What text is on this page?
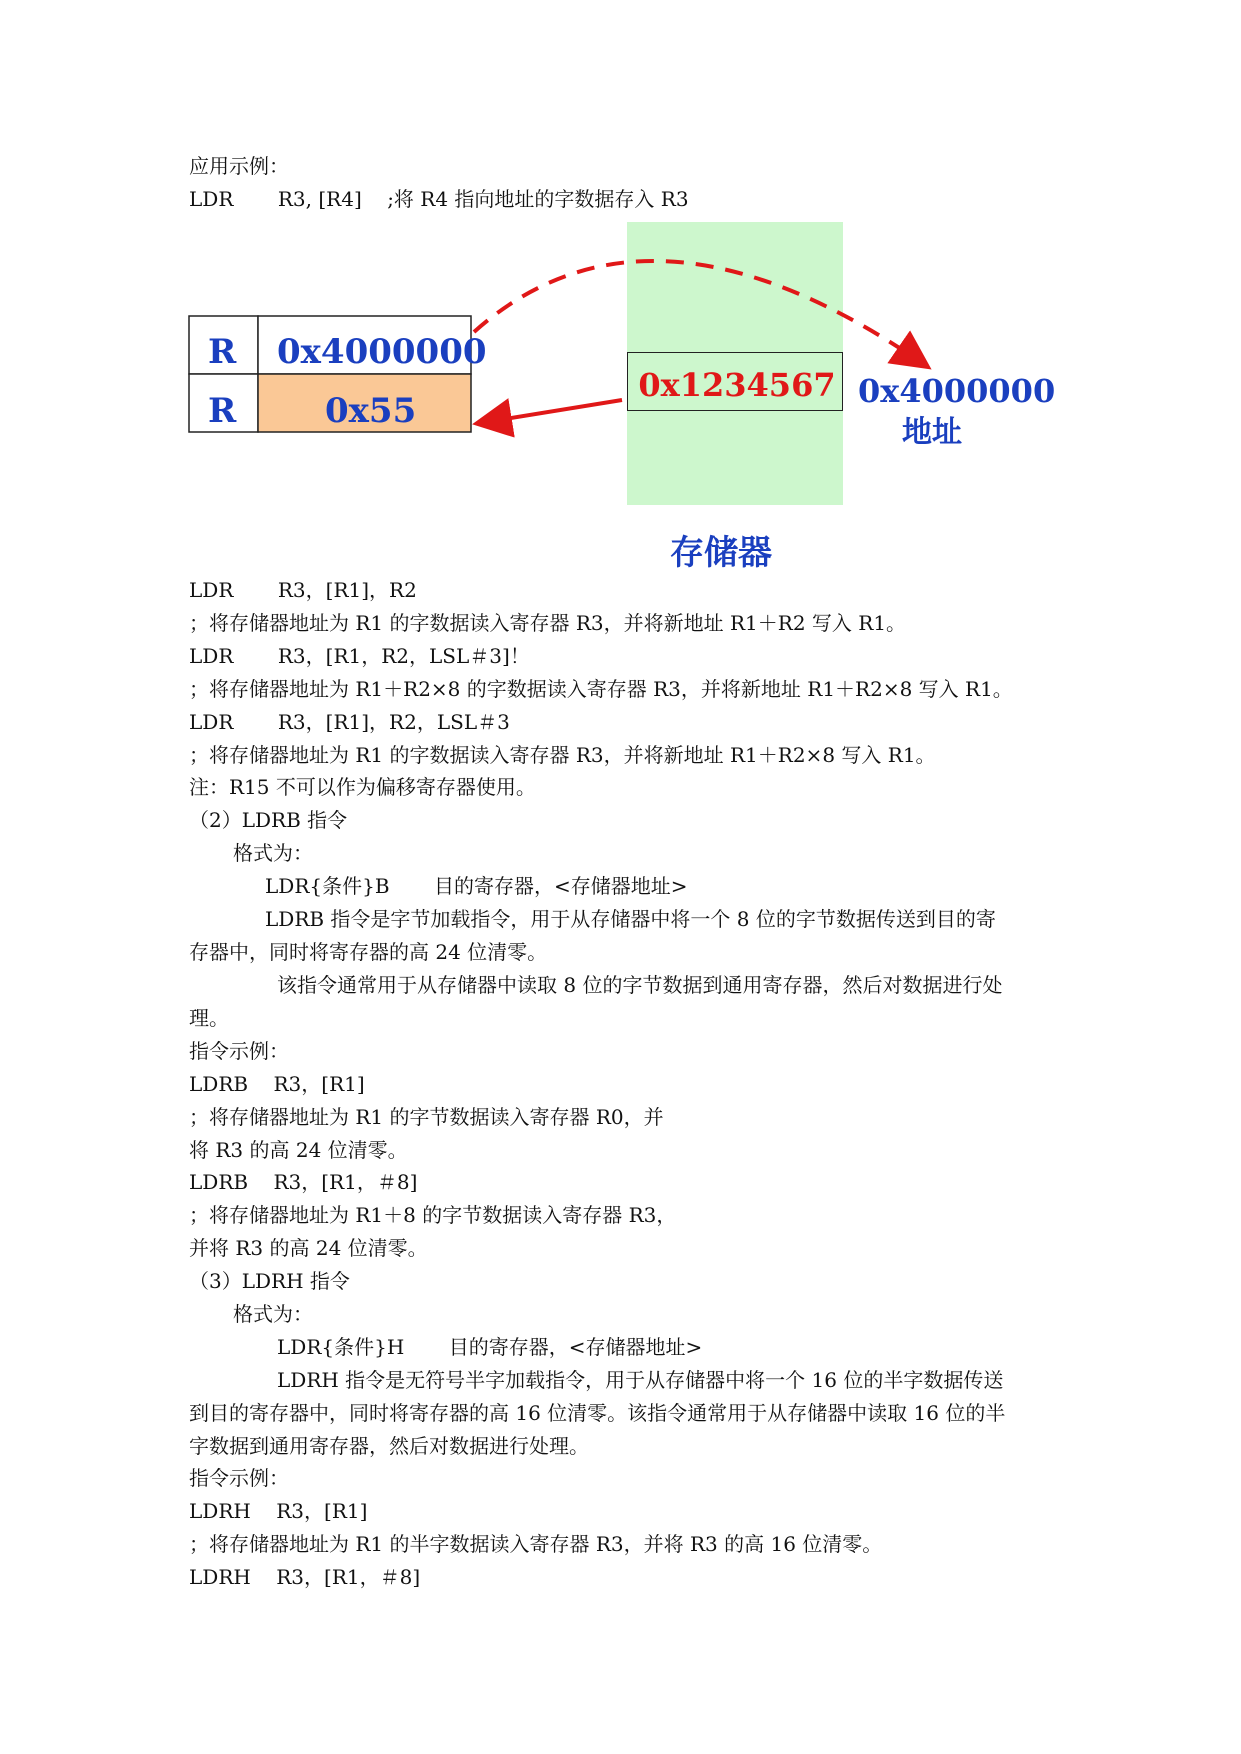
应用示例：
LDR       R3, [R4]    ;将 R4 指向地址的字数据存入 R3
0x1234567 0x4000000
地址
存储器
R 0x4000000
R	0x55
LDR       R3，[R1]，R2
；将存储器地址为 R1 的字数据读入寄存器 R3，并将新地址 R1＋R2 写入 R1。
LDR       R3，[R1，R2，LSL＃3]！
；将存储器地址为 R1＋R2×8 的字数据读入寄存器 R3，并将新地址 R1＋R2×8 写入 R1。
LDR       R3，[R1]，R2，LSL＃3
；将存储器地址为 R1 的字数据读入寄存器 R3，并将新地址 R1＋R2×8 写入 R1。
注：R15 不可以作为偏移寄存器使用。
（2）LDRB 指令
格式为：
LDR{条件}B       目的寄存器，<存储器地址>
LDRB 指令是字节加载指令，用于从存储器中将一个 8 位的字节数据传送到目的寄
存器中，同时将寄存器的高 24 位清零。
该指令通常用于从存储器中读取 8 位的字节数据到通用寄存器，然后对数据进行处
理。
指令示例：
LDRB    R3，[R1]
；将存储器地址为 R1 的字节数据读入寄存器 R0，并
将 R3 的高 24 位清零。
LDRB    R3，[R1，＃8]
；将存储器地址为 R1＋8 的字节数据读入寄存器 R3，
并将 R3 的高 24 位清零。
（3）LDRH 指令
格式为：
LDR{条件}H       目的寄存器，<存储器地址>
LDRH 指令是无符号半字加载指令，用于从存储器中将一个 16 位的半字数据传送
到目的寄存器中，同时将寄存器的高 16 位清零。该指令通常用于从存储器中读取 16 位的半
字数据到通用寄存器，然后对数据进行处理。
指令示例：
LDRH    R3，[R1]
；将存储器地址为 R1 的半字数据读入寄存器 R3，并将 R3 的高 16 位清零。
LDRH    R3，[R1，＃8]
